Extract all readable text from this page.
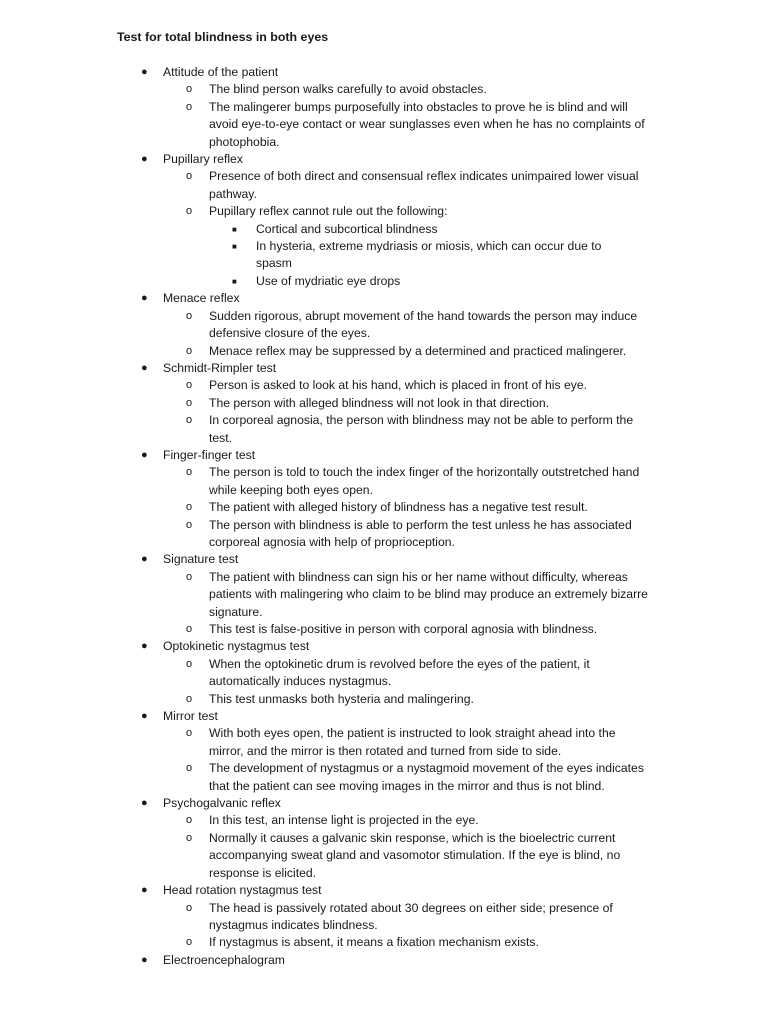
Test for total blindness in both eyes
● Attitude of the patient
o The blind person walks carefully to avoid obstacles.
o The malingerer bumps purposefully into obstacles to prove he is blind and will avoid eye-to-eye contact or wear sunglasses even when he has no complaints of photophobia.
● Pupillary reflex
o Presence of both direct and consensual reflex indicates unimpaired lower visual pathway.
o Pupillary reflex cannot rule out the following:
■ Cortical and subcortical blindness
■ In hysteria, extreme mydriasis or miosis, which can occur due to spasm
■ Use of mydriatic eye drops
● Menace reflex
o Sudden rigorous, abrupt movement of the hand towards the person may induce defensive closure of the eyes.
o Menace reflex may be suppressed by a determined and practiced malingerer.
● Schmidt-Rimpler test
o Person is asked to look at his hand, which is placed in front of his eye.
o The person with alleged blindness will not look in that direction.
o In corporeal agnosia, the person with blindness may not be able to perform the test.
● Finger-finger test
o The person is told to touch the index finger of the horizontally outstretched hand while keeping both eyes open.
o The patient with alleged history of blindness has a negative test result.
o The person with blindness is able to perform the test unless he has associated corporeal agnosia with help of proprioception.
● Signature test
o The patient with blindness can sign his or her name without difficulty, whereas patients with malingering who claim to be blind may produce an extremely bizarre signature.
o This test is false-positive in person with corporal agnosia with blindness.
● Optokinetic nystagmus test
o When the optokinetic drum is revolved before the eyes of the patient, it automatically induces nystagmus.
o This test unmasks both hysteria and malingering.
● Mirror test
o With both eyes open, the patient is instructed to look straight ahead into the mirror, and the mirror is then rotated and turned from side to side.
o The development of nystagmus or a nystagmoid movement of the eyes indicates that the patient can see moving images in the mirror and thus is not blind.
● Psychogalvanic reflex
o In this test, an intense light is projected in the eye.
o Normally it causes a galvanic skin response, which is the bioelectric current accompanying sweat gland and vasomotor stimulation. If the eye is blind, no response is elicited.
● Head rotation nystagmus test
o The head is passively rotated about 30 degrees on either side; presence of nystagmus indicates blindness.
o If nystagmus is absent, it means a fixation mechanism exists.
● Electroencephalogram
